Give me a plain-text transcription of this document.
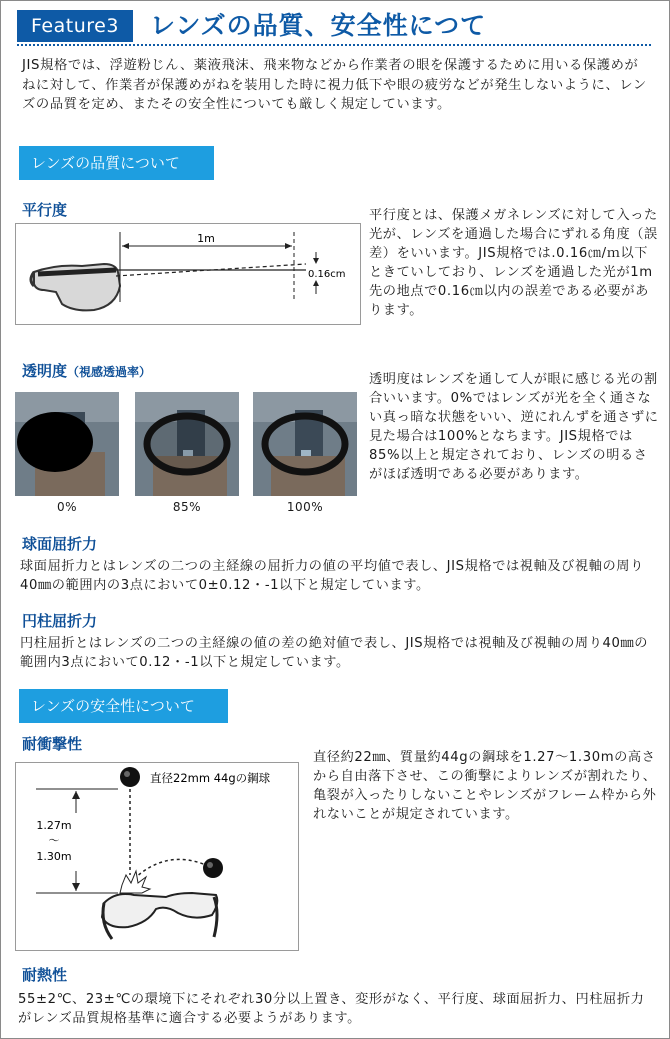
Feature3	レンズの品質、安全性につて
JIS規格では、浮遊粉じん、薬液飛沫、飛来物などから作業者の眼を保護するために用いる保護めがねに対して、作業者が保護めがねを装用した時に視力低下や眼の疲労などが発生しないように、レンズの品質を定め、またその安全性についても厳しく規定しています。
レンズの品質について
平行度
1m
0.16cm
平行度とは、保護メガネレンズに対して入った光が、レンズを通過した場合にずれる角度（誤差）をいいます。JIS規格では.0.16㎝/ｍ以下ときていしており、レンズを通過した光が1m先の地点で0.16㎝以内の誤差である必要があります。
透明度（視感透過率）
0%	85%	100%
透明度はレンズを通して人が眼に感じる光の割合いいます。0%ではレンズが光を全く通さない真っ暗な状態をいい、逆にれんずを通さずに見た場合は100%となちます。JIS規格では85%以上と規定されており、レンズの明るさがほぼ透明である必要があります。
球面屈折力
球面屈折力とはレンズの二つの主経線の屈折力の値の平均値で表し、JIS規格では視軸及び視軸の周り40㎜の範囲内の3点において0±0.12・-1以下と規定しています。
円柱屈折力
円柱屈折とはレンズの二つの主経線の値の差の絶対値で表し、JIS規格では視軸及び視軸の周り40㎜の範囲内3点において0.12・-1以下と規定しています。
レンズの安全性について
耐衝撃性
直径22mm 44gの鋼球
1.27m
～
1.30m
直径約22㎜、質量約44gの鋼球を1.27～1.30mの高さから自由落下させ、この衝撃によりレンズが割れたり、亀裂が入ったりしないことやレンズがフレーム枠から外れないことが規定されています。
耐熱性
55±2℃、23±℃の環境下にそれぞれ30分以上置き、変形がなく、平行度、球面屈折力、円柱屈折力がレンズ品質規格基準に適合する必要ようがあります。
